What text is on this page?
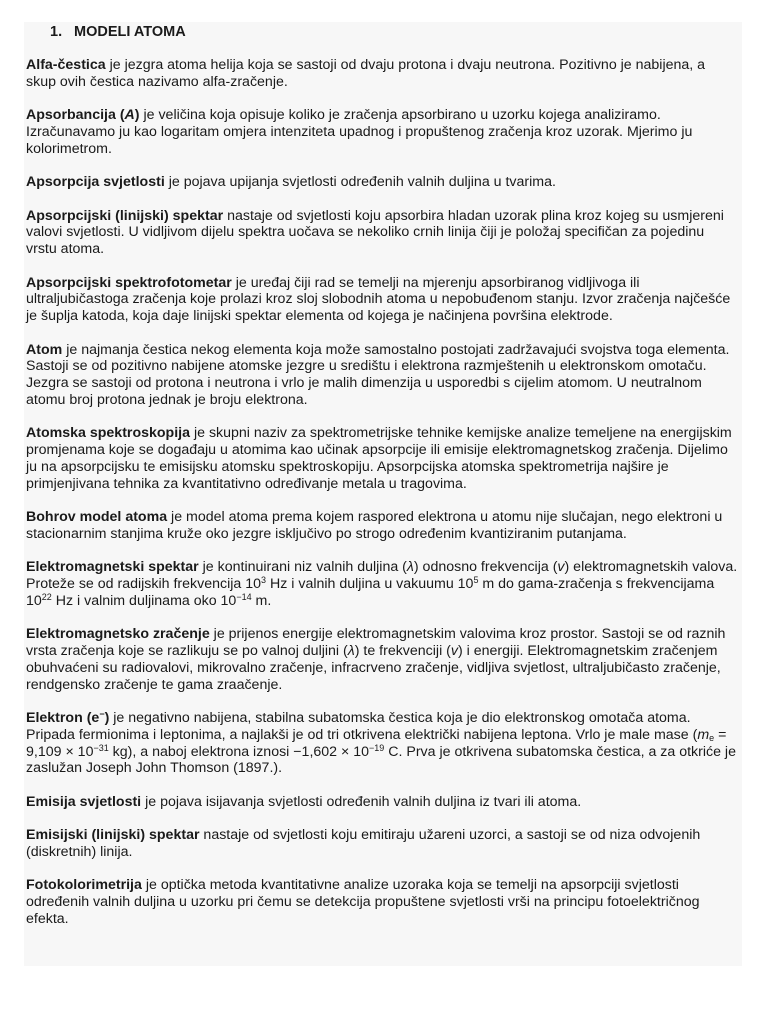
1. MODELI ATOMA

Alfa-čestica je jezgra atoma helija koja se sastoji od dvaju protona i dvaju neutrona. Pozitivno je nabijena, a skup ovih čestica nazivamo alfa-zračenje.

Apsorbancija (A) je veličina koja opisuje koliko je zračenja apsorbirano u uzorku kojega analiziramo. Izračunavamo ju kao logaritam omjera intenziteta upadnog i propuštenog zračenja kroz uzorak. Mjerimo ju kolorimetrom.

Apsorpcija svjetlosti je pojava upijanja svjetlosti određenih valnih duljina u tvarima.

Apsorpcijski (linijski) spektar nastaje od svjetlosti koju apsorbira hladan uzorak plina kroz kojeg su usmjereni valovi svjetlosti. U vidljivom dijelu spektra uočava se nekoliko crnih linija čiji je položaj specifičan za pojedinu vrstu atoma.

Apsorpcijski spektrofotometar je uređaj čiji rad se temelji na mjerenju apsorbiranog vidljivoga ili ultraljubičastoga zračenja koje prolazi kroz sloj slobodnih atoma u nepobuđenom stanju. Izvor zračenja najčešće je šuplja katoda, koja daje linijski spektar elementa od kojega je načinjena površina elektrode.

Atom je najmanja čestica nekog elementa koja može samostalno postojati zadržavajući svojstva toga elementa. Sastoji se od pozitivno nabijene atomske jezgre u središtu i elektrona razmještenih u elektronskom omotaču. Jezgra se sastoji od protona i neutrona i vrlo je malih dimenzija u usporedbi s cijelim atomom. U neutralnom atomu broj protona jednak je broju elektrona.

Atomska spektroskopija je skupni naziv za spektrometrijske tehnike kemijske analize temeljene na energijskim promjenama koje se događaju u atomima kao učinak apsorpcije ili emisije elektromagnetskog zračenja. Dijelimo ju na apsorpcijsku te emisijsku atomsku spektroskopiju. Apsorpcijska atomska spektrometrija najšire je primjenjivana tehnika za kvantitativno određivanje metala u tragovima.

Bohrov model atoma je model atoma prema kojem raspored elektrona u atomu nije slučajan, nego elektroni u stacionarnim stanjima kruže oko jezgre isključivo po strogo određenim kvantiziranim putanjama.

Elektromagnetski spektar je kontinuirani niz valnih duljina (λ) odnosno frekvencija (v) elektromagnetskih valova. Proteže se od radijskih frekvencija $10^3$ Hz i valnih duljina u vakuumu $10^5$ m do gama-zračenja s frekvencijama $10^{22}$ Hz i valnim duljinama oko $10^{-14}$ m.

Elektromagnetsko zračenje je prijenos energije elektromagnetskim valovima kroz prostor. Sastoji se od raznih vrsta zračenja koje se razlikuju se po valnoj duljini (λ) te frekvenciji (v) i energiji. Elektromagnetskim zračenjem obuhvaćeni su radiovalovi, mikrovalno zračenje, infracrveno zračenje, vidljiva svjetlost, ultraljubičasto zračenje, rendgensko zračenje te gama zraačenje.

Elektron (e−) je negativno nabijena, stabilna subatomska čestica koja je dio elektronskog omotača atoma. Pripada fermionima i leptonima, a najlakši je od tri otkrivena električki nabijena leptona. Vrlo je male mase ($m_e = 9,109 \times 10^{-31}$ kg), a naboj elektrona iznosi $-1,602 \times 10^{-19}$ C. Prva je otkrivena subatomska čestica, a za otkriće je zaslužan Joseph John Thomson (1897.).

Emisija svjetlosti je pojava isijavanja svjetlosti određenih valnih duljina iz tvari ili atoma.

Emisijski (linijski) spektar nastaje od svjetlosti koju emitiraju užareni uzorci, a sastoji se od niza odvojenih (diskretnih) linija.

Fotokolorimetrija je optička metoda kvantitativne analize uzoraka koja se temelji na apsorpciji svjetlosti određenih valnih duljina u uzorku pri čemu se detekcija propuštene svjetlosti vrši na principu fotoelektričnog efekta.
